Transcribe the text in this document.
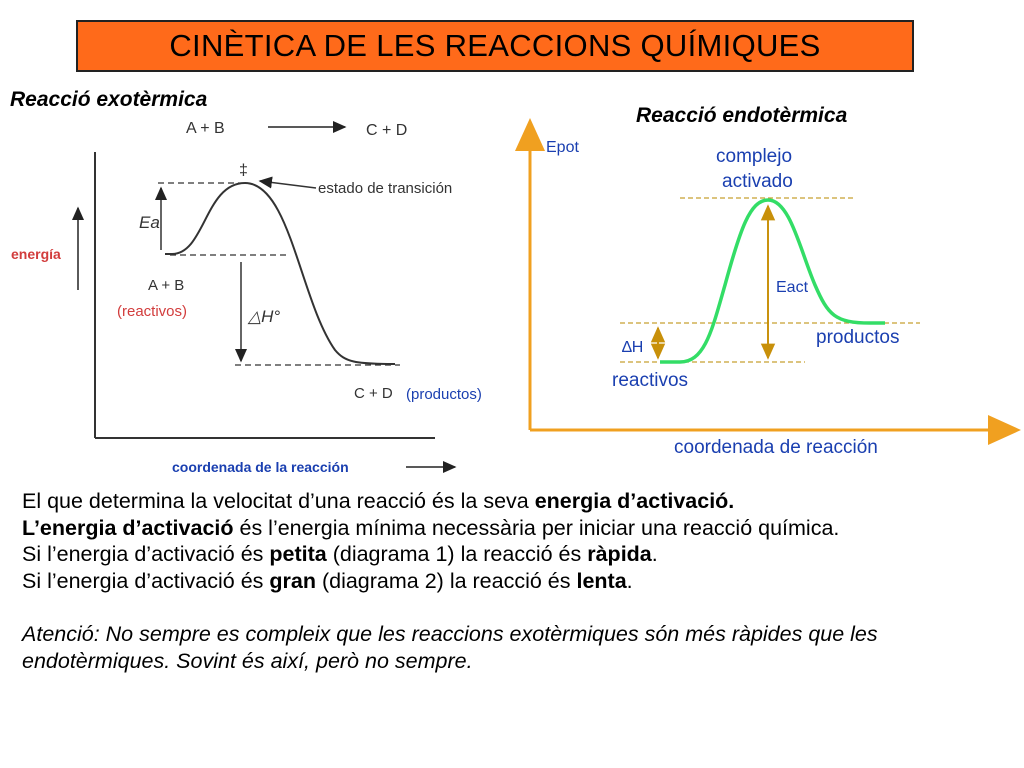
CINÈTICA DE LES REACCIONS QUÍMIQUES
Reacció exotèrmica
Reacció endotèrmica
A + B	C + D
energía
Ea
‡
estado de transición
A + B
(reactivos)	△H°
C + D (productos)
coordenada de la reacción
Epot	complejo
activado
Eact
∆H	productos
reactivos
coordenada de reacción

El que determina la velocitat d’una reacció és la seva energia d’activació.

L’energia d’activació és l’energia mínima necessària per iniciar una reacció química.

Si l’energia d’activació és petita (diagrama 1) la reacció és ràpida.

Si l’energia d’activació és gran (diagrama 2) la reacció és lenta.

Atenció: No sempre es compleix que les reaccions exotèrmiques són més ràpides que les endotèrmiques. Sovint és així, però no sempre.
